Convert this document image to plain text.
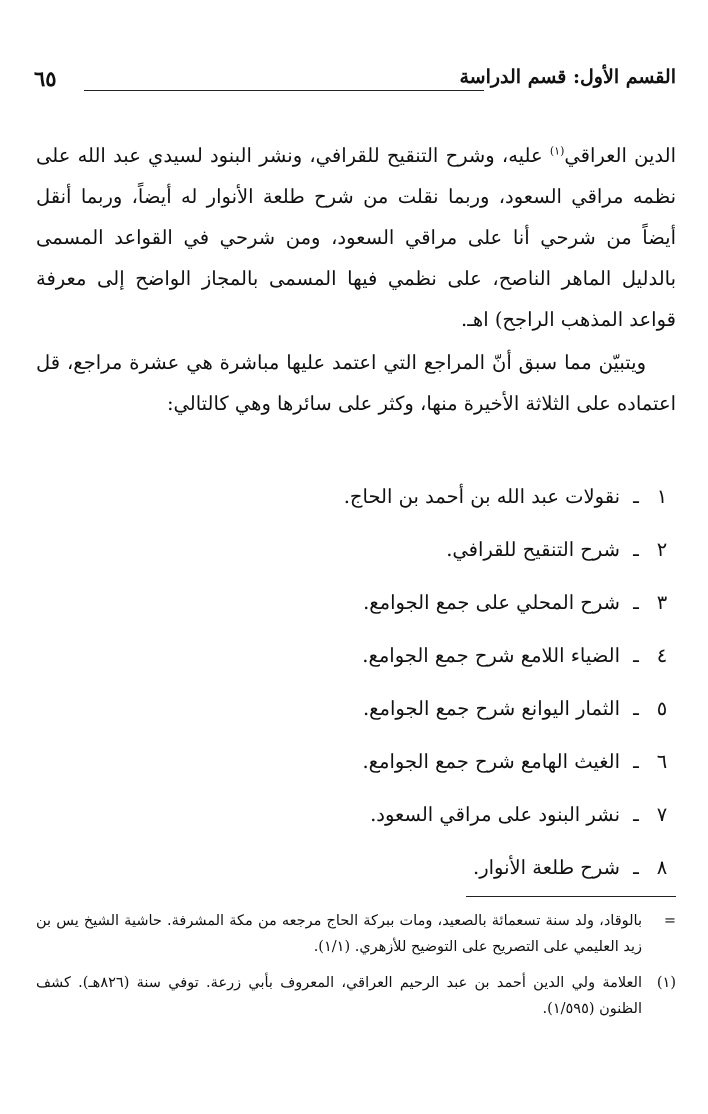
القسم الأول: قسم الدراسة
٦٥
الدين العراقي$^{(١)}$ عليه، وشرح التنقيح للقرافي، ونشر البنود لسيدي عبد الله على نظمه مراقي السعود، وربما نقلت من شرح طلعة الأنوار له أيضاً، وربما أنقل أيضاً من شرحي أنا على مراقي السعود، ومن شرحي في القواعد المسمى بالدليل الماهر الناصح، على نظمي فيها المسمى بالمجاز الواضح إلى معرفة قواعد المذهب الراجح) اهـ.
ويتبيّن مما سبق أنّ المراجع التي اعتمد عليها مباشرة هي عشرة مراجع، قل اعتماده على الثلاثة الأخيرة منها، وكثر على سائرها وهي كالتالي:
١
ـ
نقولات عبد الله بن أحمد بن الحاج.
٢
ـ
شرح التنقيح للقرافي.
٣
ـ
شرح المحلي على جمع الجوامع.
٤
ـ
الضياء اللامع شرح جمع الجوامع.
٥
ـ
الثمار اليوانع شرح جمع الجوامع.
٦
ـ
الغيث الهامع شرح جمع الجوامع.
٧
ـ
نشر البنود على مراقي السعود.
٨
ـ
شرح طلعة الأنوار.
=
بالوقاد، ولد سنة تسعمائة بالصعيد، ومات ببركة الحاج مرجعه من مكة المشرفة. حاشية الشيخ يس بن زيد العليمي على التصريح على التوضيح للأزهري. (١/١).
(١)
العلامة ولي الدين أحمد بن عبد الرحيم العراقي، المعروف بأبي زرعة. توفي سنة (٨٢٦هـ). كشف الظنون (١/٥٩٥).
